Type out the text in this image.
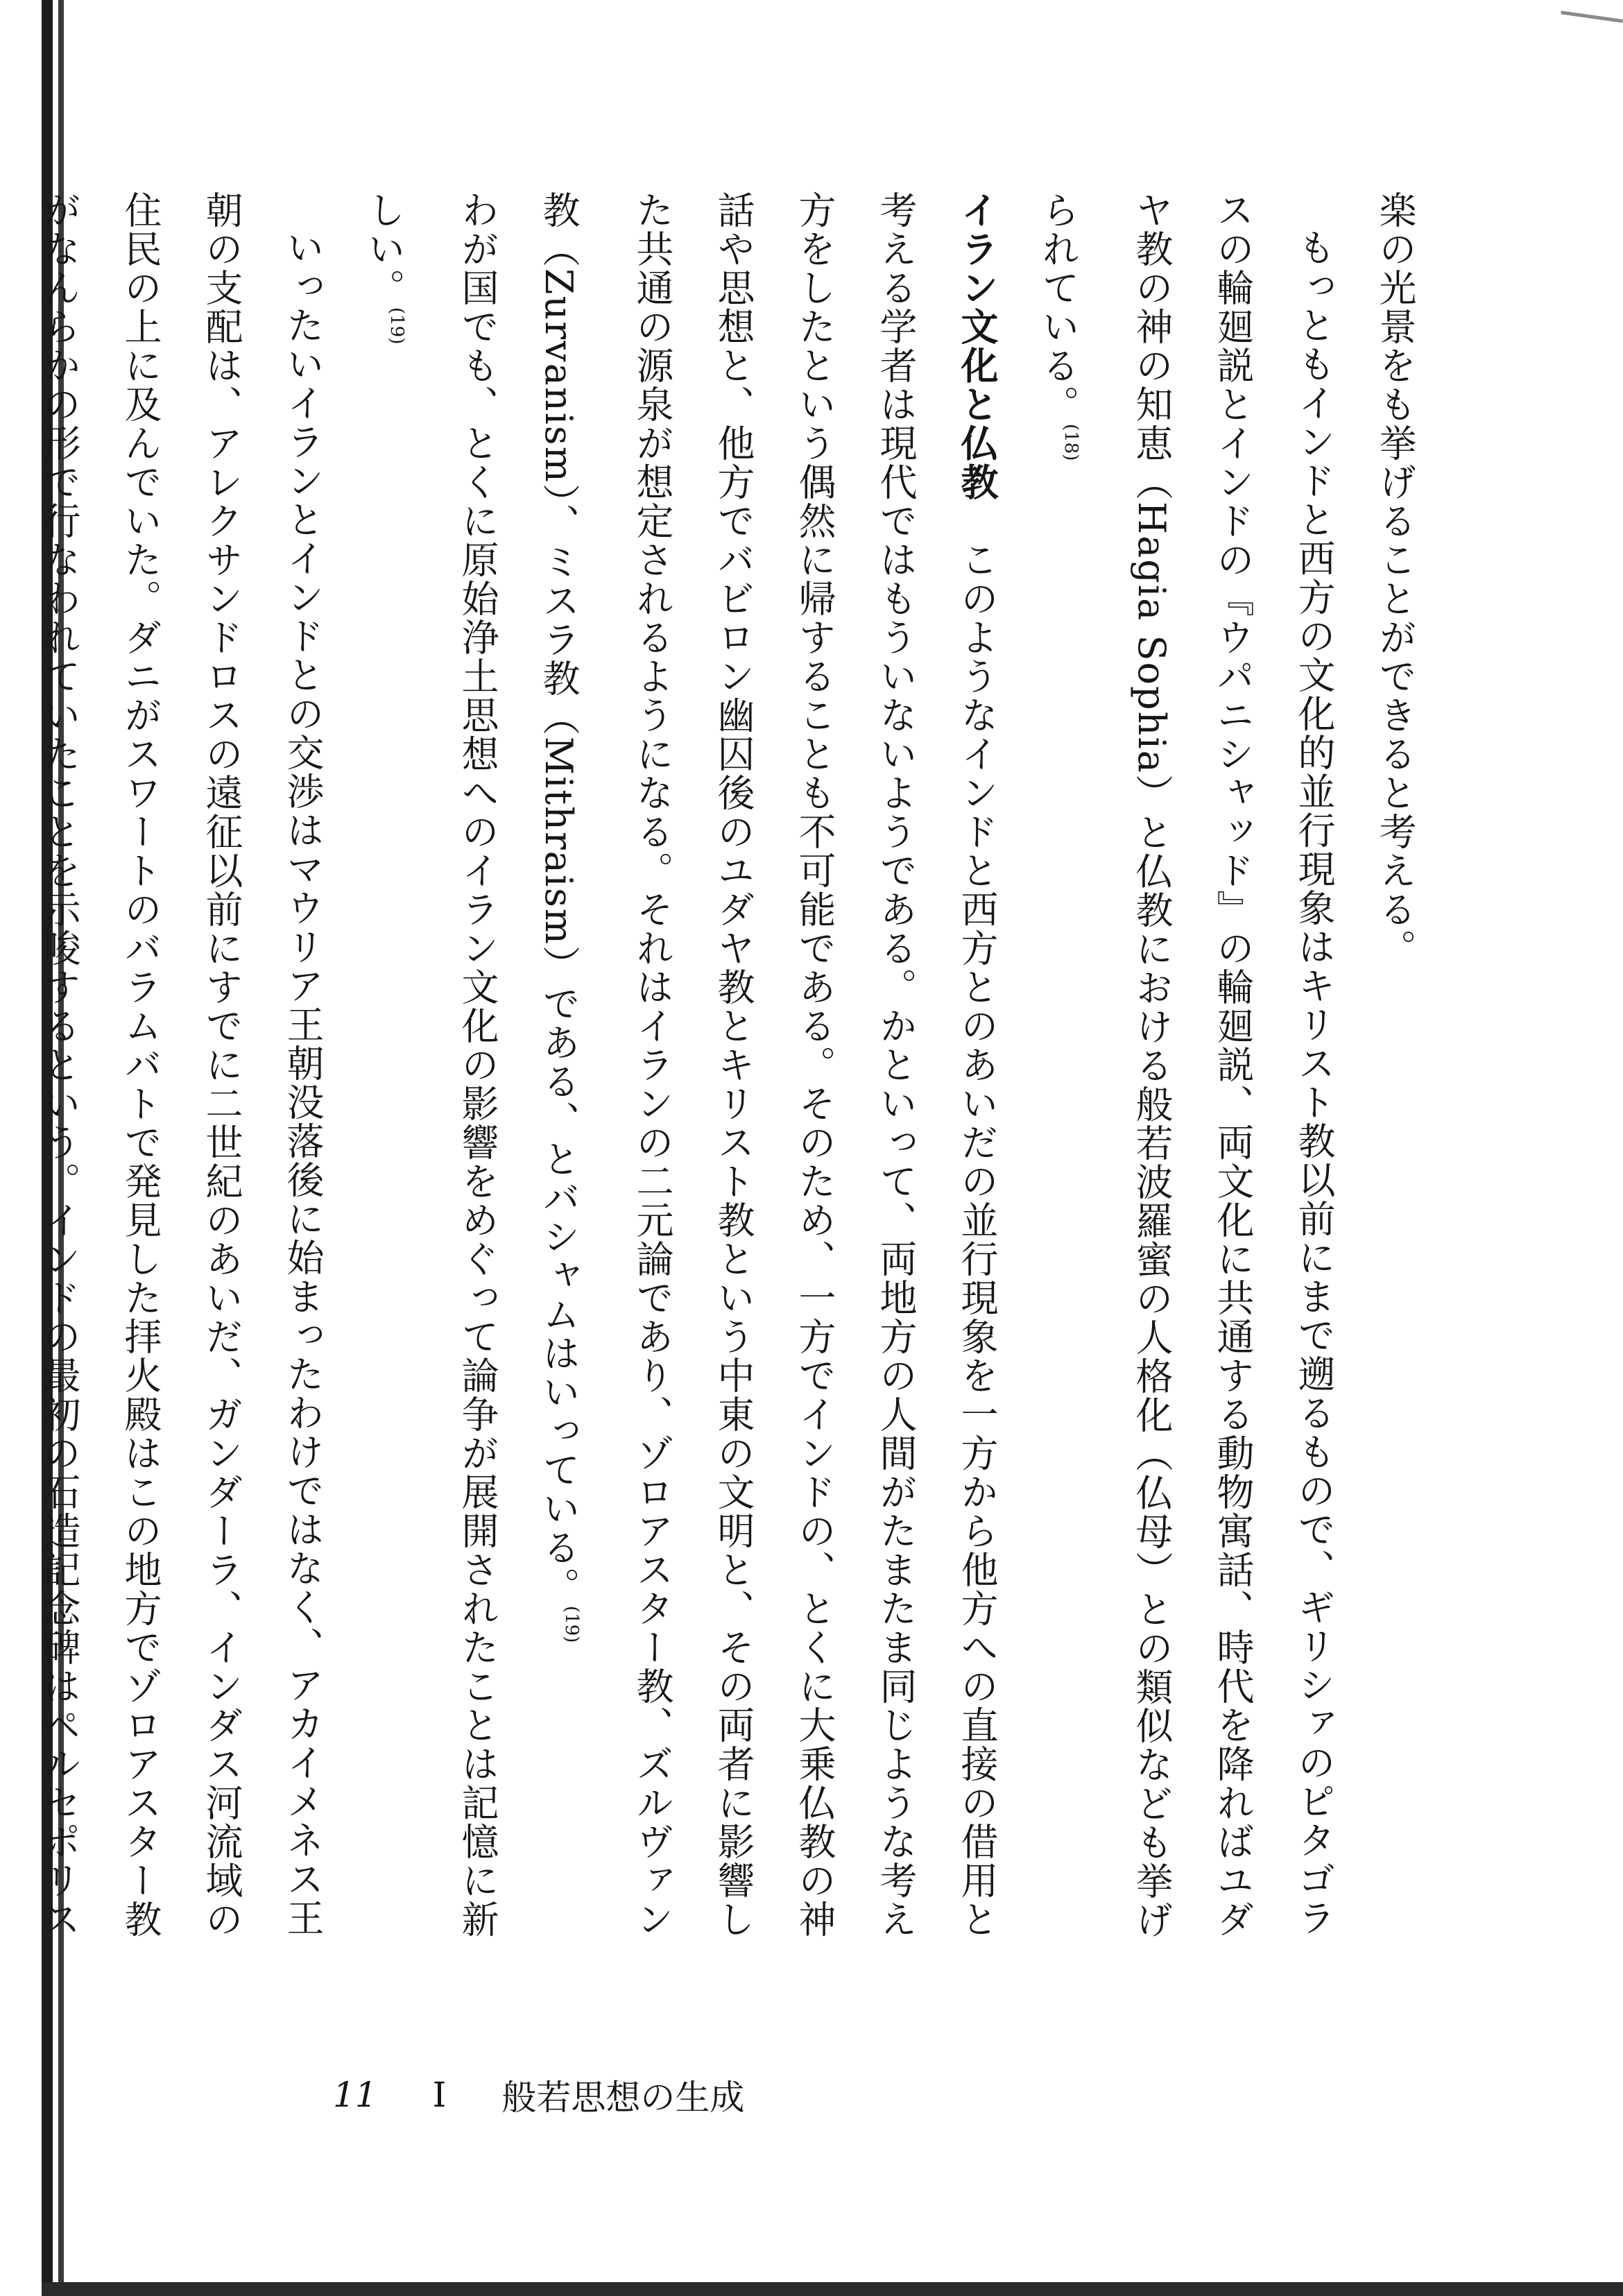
楽の光景をも挙げることができると考える。

もっともインドと西方の文化的並行現象はキリスト教以前にまで遡るもので、ギリシァのピタゴラスの輪廻説とインドの『ウパニシャッド』の輪廻説、両文化に共通する動物寓話、時代を降ればユダヤ教の神の知恵（Hagia Sophia）と仏教における般若波羅蜜の人格化（仏母）との類似なども挙げられている。$^{(18)}$

イラン文化と仏教　このようなインドと西方とのあいだの並行現象を一方から他方への直接の借用と考える学者は現代ではもういないようである。かといって、両地方の人間がたまたま同じような考え方をしたという偶然に帰することも不可能である。そのため、一方でインドの、とくに大乗仏教の神話や思想と、他方でバビロン幽囚後のユダヤ教とキリスト教という中東の文明と、その両者に影響した共通の源泉が想定されるようになる。それはイランの二元論であり、ゾロアスター教、ズルヴァン教（Zurvanism）、ミスラ教（Mithraism）である、とバシャムはいっている。$^{(19)}$

わが国でも、とくに原始浄土思想へのイラン文化の影響をめぐって論争が展開されたことは記憶に新しい。$^{(19)}$

いったいイランとインドとの交渉はマウリア王朝没落後に始まったわけではなく、アカイメネス王朝の支配は、アレクサンドロスの遠征以前にすでに二世紀のあいだ、ガンダーラ、インダス河流域の住民の上に及んでいた。ダニがスワートのバラムバトで発見した拝火殿はこの地方でゾロアスター教がなんらかの形で行なわれていたことを示唆するという。インドの最初の石造記念碑はペルセポリス

11 I 般若思想の生成
